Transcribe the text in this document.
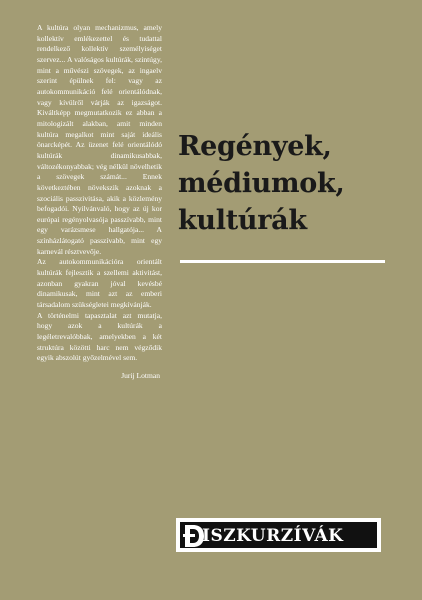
A kultúra olyan mechanizmus, amely kollektív emlékezettel és tudattal rendelkező kollektív személyiséget szervez... A valóságos kultúrák, szintúgy, mint a művészi szövegek, az ingaelv szerint épülnek fel: vagy az autokommunikáció felé orientálódnak, vagy kívülről várják az igazságot. Kiváltképp megmutatkozik ez abban a mitologizált alakban, amit minden kultúra megalkot mint saját ideális önarcképét. Az üzenet felé orientálódó kultúrák dinamikusabbak, változékonyabbak; vég nélkül növelhetik a szövegek számát... Ennek következtében növekszik azoknak a szociális passzivitása, akik a közlemény befogadói. Nyilvánvaló, hogy az új kor európai regényolvasója passzívabb, mint egy varázsmese hallgatója... A színházlátogató passzívabb, mint egy karnevál résztvevője.

Az autokommunikációra orientált kultúrák fejlesztik a szellemi aktivitást, azonban gyakran jóval kevésbé dinamikusak, mint azt az emberi társadalom szükségletei megkívánják.

A történelmi tapasztalat azt mutatja, hogy azok a kultúrák a legéletrevalóbbak, amelyekben a két struktúra közötti harc nem végződik egyik abszolút győzelmével sem.

Jurij Lotman

Regények,
médiumok,
kultúrák
ISZKURZÍVÁK
